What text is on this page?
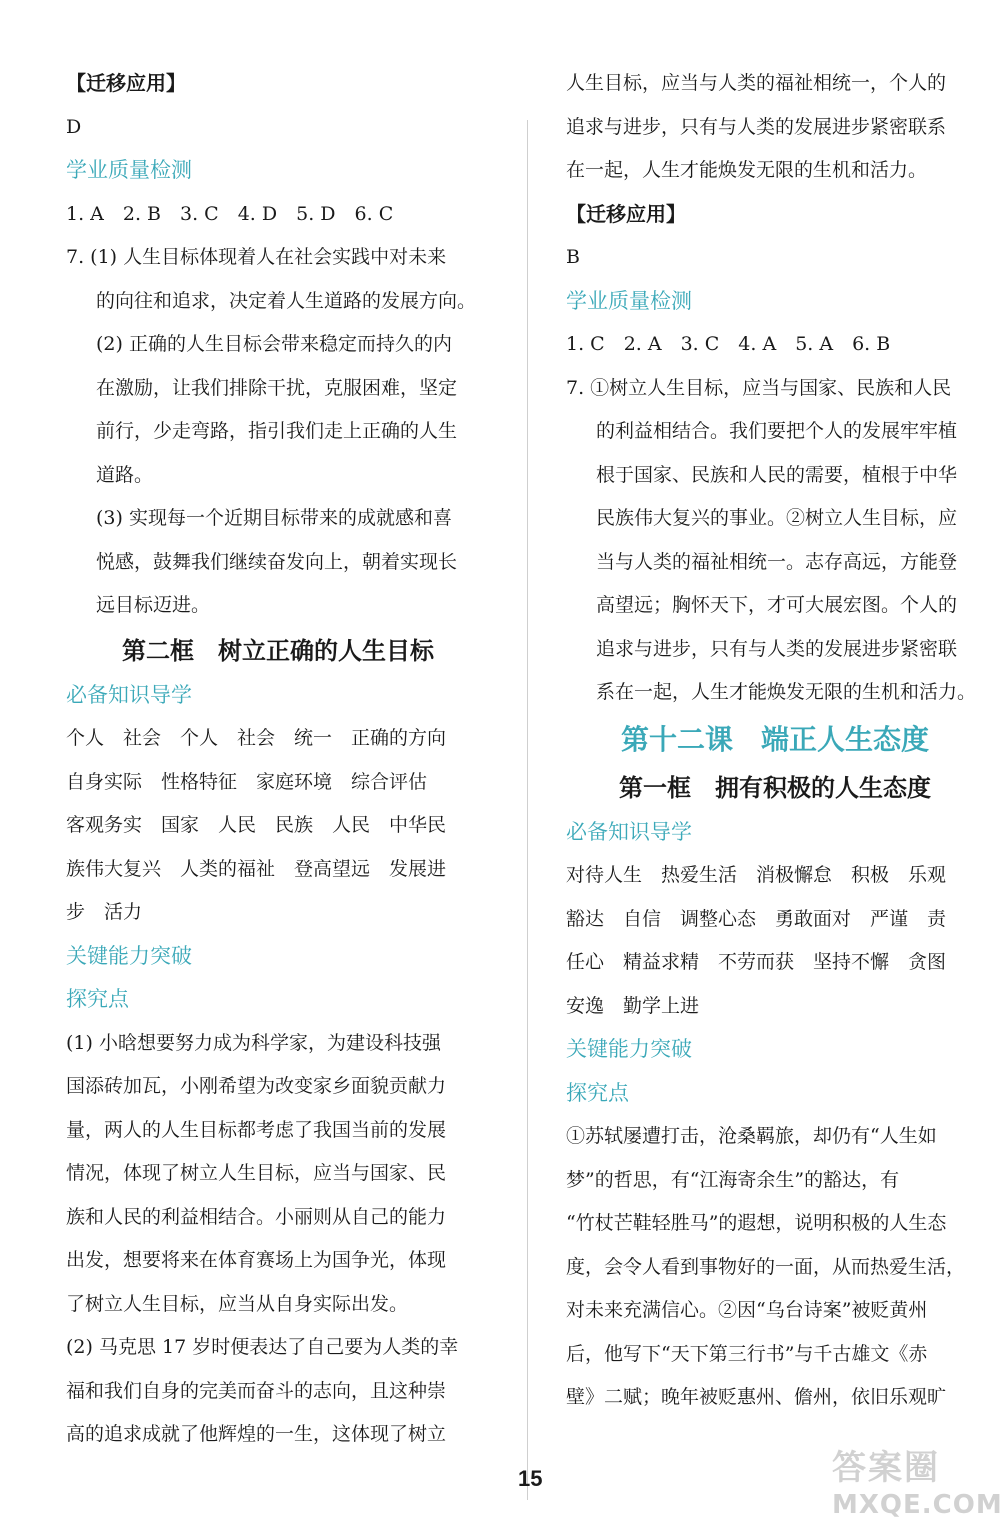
【迁移应用】
D
学业质量检测
1. A　2. B　3. C　4. D　5. D　6. C
7. (1) 人生目标体现着人在社会实践中对未来
的向往和追求，决定着人生道路的发展方向。
(2) 正确的人生目标会带来稳定而持久的内
在激励，让我们排除干扰，克服困难，坚定
前行，少走弯路，指引我们走上正确的人生
道路。
(3) 实现每一个近期目标带来的成就感和喜
悦感，鼓舞我们继续奋发向上，朝着实现长
远目标迈进。
第二框　树立正确的人生目标
必备知识导学
个人　社会　个人　社会　统一　正确的方向
自身实际　性格特征　家庭环境　综合评估
客观务实　国家　人民　民族　人民　中华民
族伟大复兴　人类的福祉　登高望远　发展进
步　活力
关键能力突破
探究点
(1) 小晗想要努力成为科学家，为建设科技强
国添砖加瓦，小刚希望为改变家乡面貌贡献力
量，两人的人生目标都考虑了我国当前的发展
情况，体现了树立人生目标，应当与国家、民
族和人民的利益相结合。小丽则从自己的能力
出发，想要将来在体育赛场上为国争光，体现
了树立人生目标，应当从自身实际出发。
(2) 马克思 17 岁时便表达了自己要为人类的幸
福和我们自身的完美而奋斗的志向，且这种崇
高的追求成就了他辉煌的一生，这体现了树立
人生目标，应当与人类的福祉相统一，个人的
追求与进步，只有与人类的发展进步紧密联系
在一起，人生才能焕发无限的生机和活力。
【迁移应用】
B
学业质量检测
1. C　2. A　3. C　4. A　5. A　6. B
7. ①树立人生目标，应当与国家、民族和人民
的利益相结合。我们要把个人的发展牢牢植
根于国家、民族和人民的需要，植根于中华
民族伟大复兴的事业。②树立人生目标，应
当与人类的福祉相统一。志存高远，方能登
高望远；胸怀天下，才可大展宏图。个人的
追求与进步，只有与人类的发展进步紧密联
系在一起，人生才能焕发无限的生机和活力。
第十二课　端正人生态度
第一框　拥有积极的人生态度
必备知识导学
对待人生　热爱生活　消极懈怠　积极　乐观
豁达　自信　调整心态　勇敢面对　严谨　责
任心　精益求精　不劳而获　坚持不懈　贪图
安逸　勤学上进
关键能力突破
探究点
①苏轼屡遭打击，沧桑羁旅，却仍有“人生如
梦”的哲思，有“江海寄余生”的豁达，有
“竹杖芒鞋轻胜马”的遐想，说明积极的人生态
度，会令人看到事物好的一面，从而热爱生活，
对未来充满信心。②因“乌台诗案”被贬黄州
后，他写下“天下第三行书”与千古雄文《赤
壁》二赋；晚年被贬惠州、儋州，依旧乐观旷
15	答案圈
MXQE.COM
